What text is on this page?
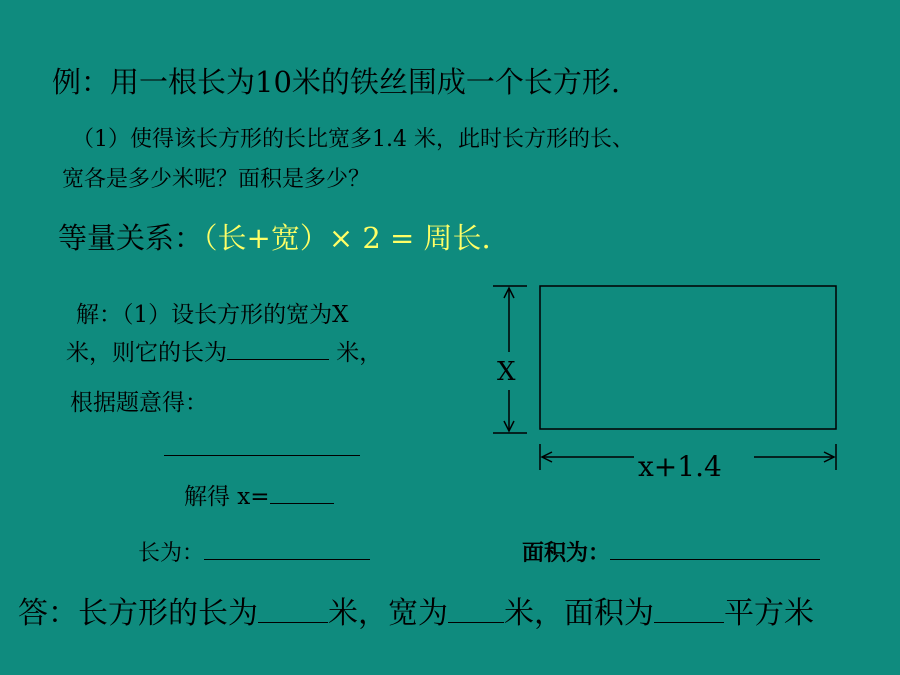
例：用一根长为10米的铁丝围成一个长方形.
（1）使得该长方形的长比宽多1.4 米，此时长方形的长、
宽各是多少米呢？面积是多少？
等量关系：（长+宽）× 2 = 周长.
解：（1）设长方形的宽为X
米，则它的长为	米，
根据题意得：
解得 x=
长为：	面积为：
答：长方形的长为 米，宽为 米，面积为 平方米
X
x+1.4
